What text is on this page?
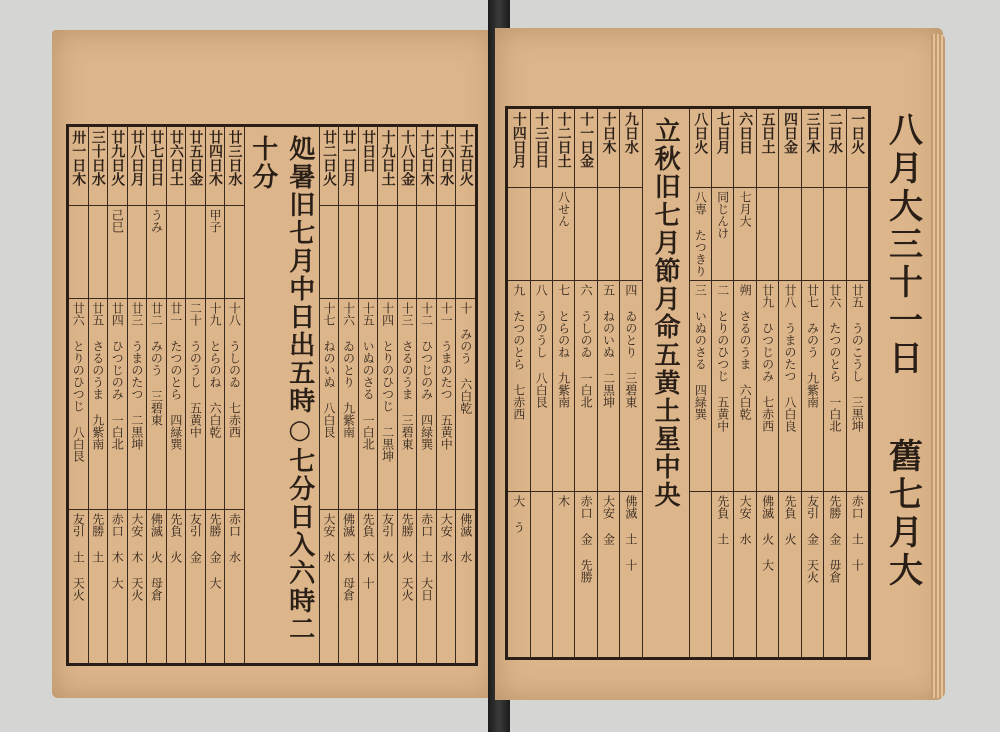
十五日火
十 みのう 六白乾
佛滅 水
十六日水
十一 うまのたつ 五黄中
大安 水
十七日木
十二 ひつじのみ 四緑巽
赤口 土 大日
十八日金
十三 さるのうま 三碧東
先勝 火 天火
十九日土
十四 とりのひつじ 二黒坤
友引 火
廿日日
十五 いぬのさる 一白北
先負 木 十
廿一日月
十六 ゐのとり 九紫南
佛滅 木 母倉
廿二日火
十七 ねのいぬ 八白艮
大安 水
処暑旧七月中日出五時○七分日入六時二十分
廿三日水
十八 うしのゐ 七赤西
赤口 水
廿四日木
甲子
十九 とらのね 六白乾
先勝 金 大
廿五日金
二十 うのうし 五黄中
友引 金
廿六日土
廿一 たつのとら 四緑巽
先負 火
廿七日日
うみ
廿二 みのう 三碧東
佛滅 火 母倉
廿八日月
廿三 うまのたつ 二黒坤
大安 木 天火
廿九日火
己巳
廿四 ひつじのみ 一白北
赤口 木 大
三十日水
廿五 さるのうま 九紫南
先勝 土
卅一日木
廿六 とりのひつじ 八白艮
友引 土 天火
八月大三十一日
舊七月大
一日火
廿五 うのこうし 三黒坤
赤口 土 十
二日水
廿六 たつのとら 一白北
先勝 金 毋倉
三日木
廿七 みのう 九紫南
友引 金 天火
四日金
廿八 うまのたつ 八白良
先負 火
五日土
廿九 ひつじのみ 七赤西
佛滅 火 大
六日日
七月大
朔 さるのうま 六白乾
大安 水
七日月
同じんけ
二 とりのひつじ 五黄中
先負 土
八日火
八専 たつきり
三 いぬのさる 四緑巽
立秋旧七月節月命五黄土星中央
九日水
四 ゐのとり 三碧東
佛滅 土 十
十日木
五 ねのいぬ 二黒坤
大安 金
十一日金
六 うしのゐ 一白北
赤口 金 先勝
十二日土
八せん
七 とらのね 九紫南
木
十三日日
八 うのうし 八白艮
十四日月
九 たつのとら 七赤西
大 う
